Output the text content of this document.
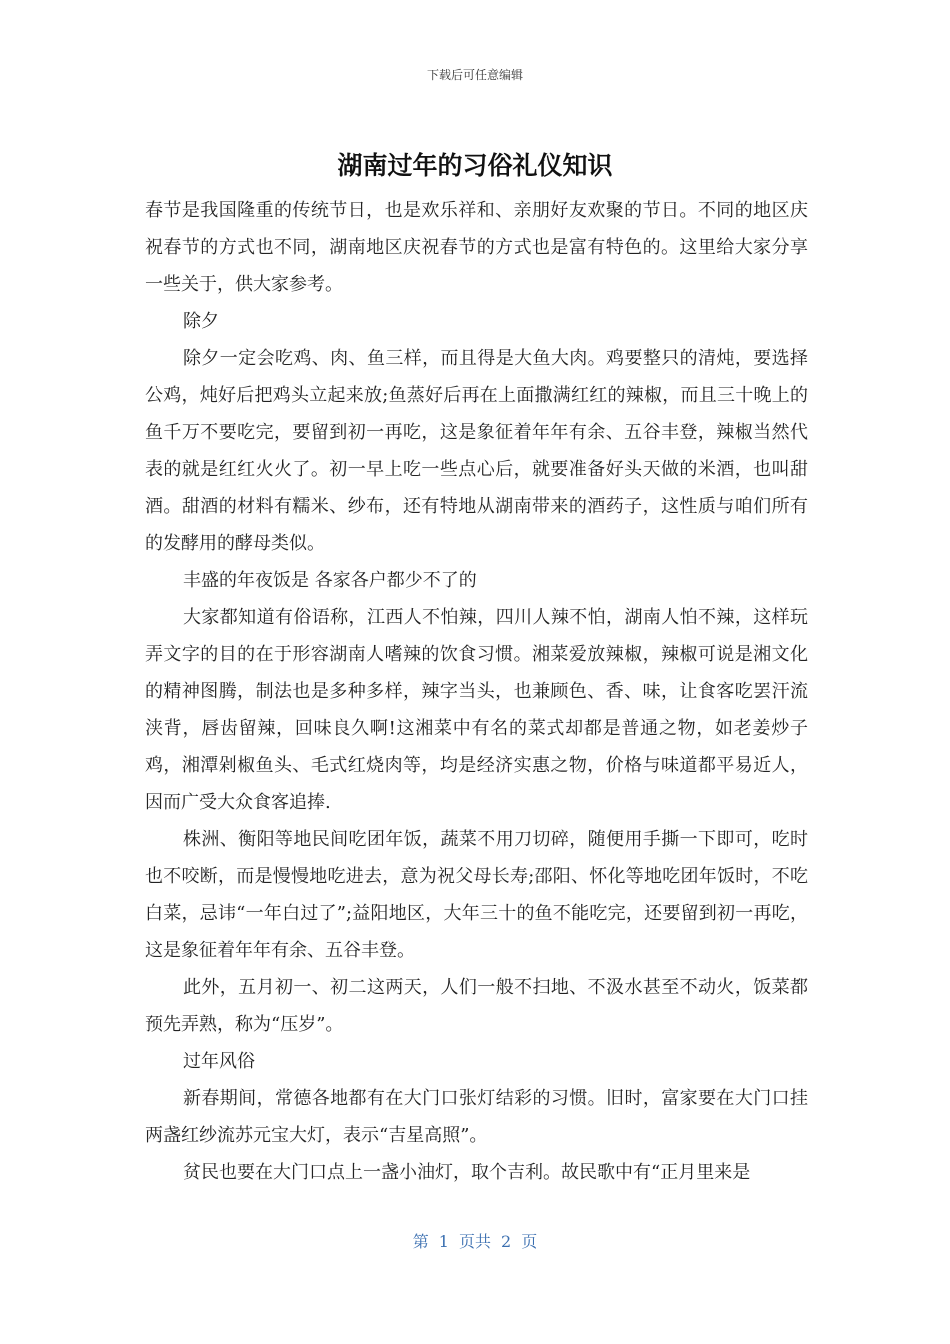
下载后可任意编辑
湖南过年的习俗礼仪知识

春节是我国隆重的传统节日，也是欢乐祥和、亲朋好友欢聚的节日。不同的地区庆祝春节的方式也不同，湖南地区庆祝春节的方式也是富有特色的。这里给大家分享一些关于，供大家参考。

除夕

除夕一定会吃鸡、肉、鱼三样，而且得是大鱼大肉。鸡要整只的清炖，要选择公鸡，炖好后把鸡头立起来放;鱼蒸好后再在上面撒满红红的辣椒，而且三十晚上的鱼千万不要吃完，要留到初一再吃，这是象征着年年有余、五谷丰登，辣椒当然代表的就是红红火火了。初一早上吃一些点心后，就要准备好头天做的米酒，也叫甜酒。甜酒的材料有糯米、纱布，还有特地从湖南带来的酒药子，这性质与咱们所有的发酵用的酵母类似。

丰盛的年夜饭是 各家各户都少不了的

大家都知道有俗语称，江西人不怕辣，四川人辣不怕，湖南人怕不辣，这样玩弄文字的目的在于形容湖南人嗜辣的饮食习惯。湘菜爱放辣椒，辣椒可说是湘文化的精神图腾，制法也是多种多样，辣字当头，也兼顾色、香、味，让食客吃罢汗流浃背，唇齿留辣，回味良久啊!这湘菜中有名的菜式却都是普通之物，如老姜炒子鸡，湘潭剁椒鱼头、毛式红烧肉等，均是经济实惠之物，价格与味道都平易近人，因而广受大众食客追捧.

株洲、衡阳等地民间吃团年饭，蔬菜不用刀切碎，随便用手撕一下即可，吃时也不咬断，而是慢慢地吃进去，意为祝父母长寿;邵阳、怀化等地吃团年饭时，不吃白菜，忌讳“一年白过了”;益阳地区，大年三十的鱼不能吃完，还要留到初一再吃，这是象征着年年有余、五谷丰登。

此外，五月初一、初二这两天，人们一般不扫地、不汲水甚至不动火，饭菜都预先弄熟，称为“压岁”。

过年风俗

新春期间，常德各地都有在大门口张灯结彩的习惯。旧时，富家要在大门口挂两盏红纱流苏元宝大灯，表示“吉星高照”。

贫民也要在大门口点上一盏小油灯，取个吉利。故民歌中有“正月里来是

第 1 页共 2 页
